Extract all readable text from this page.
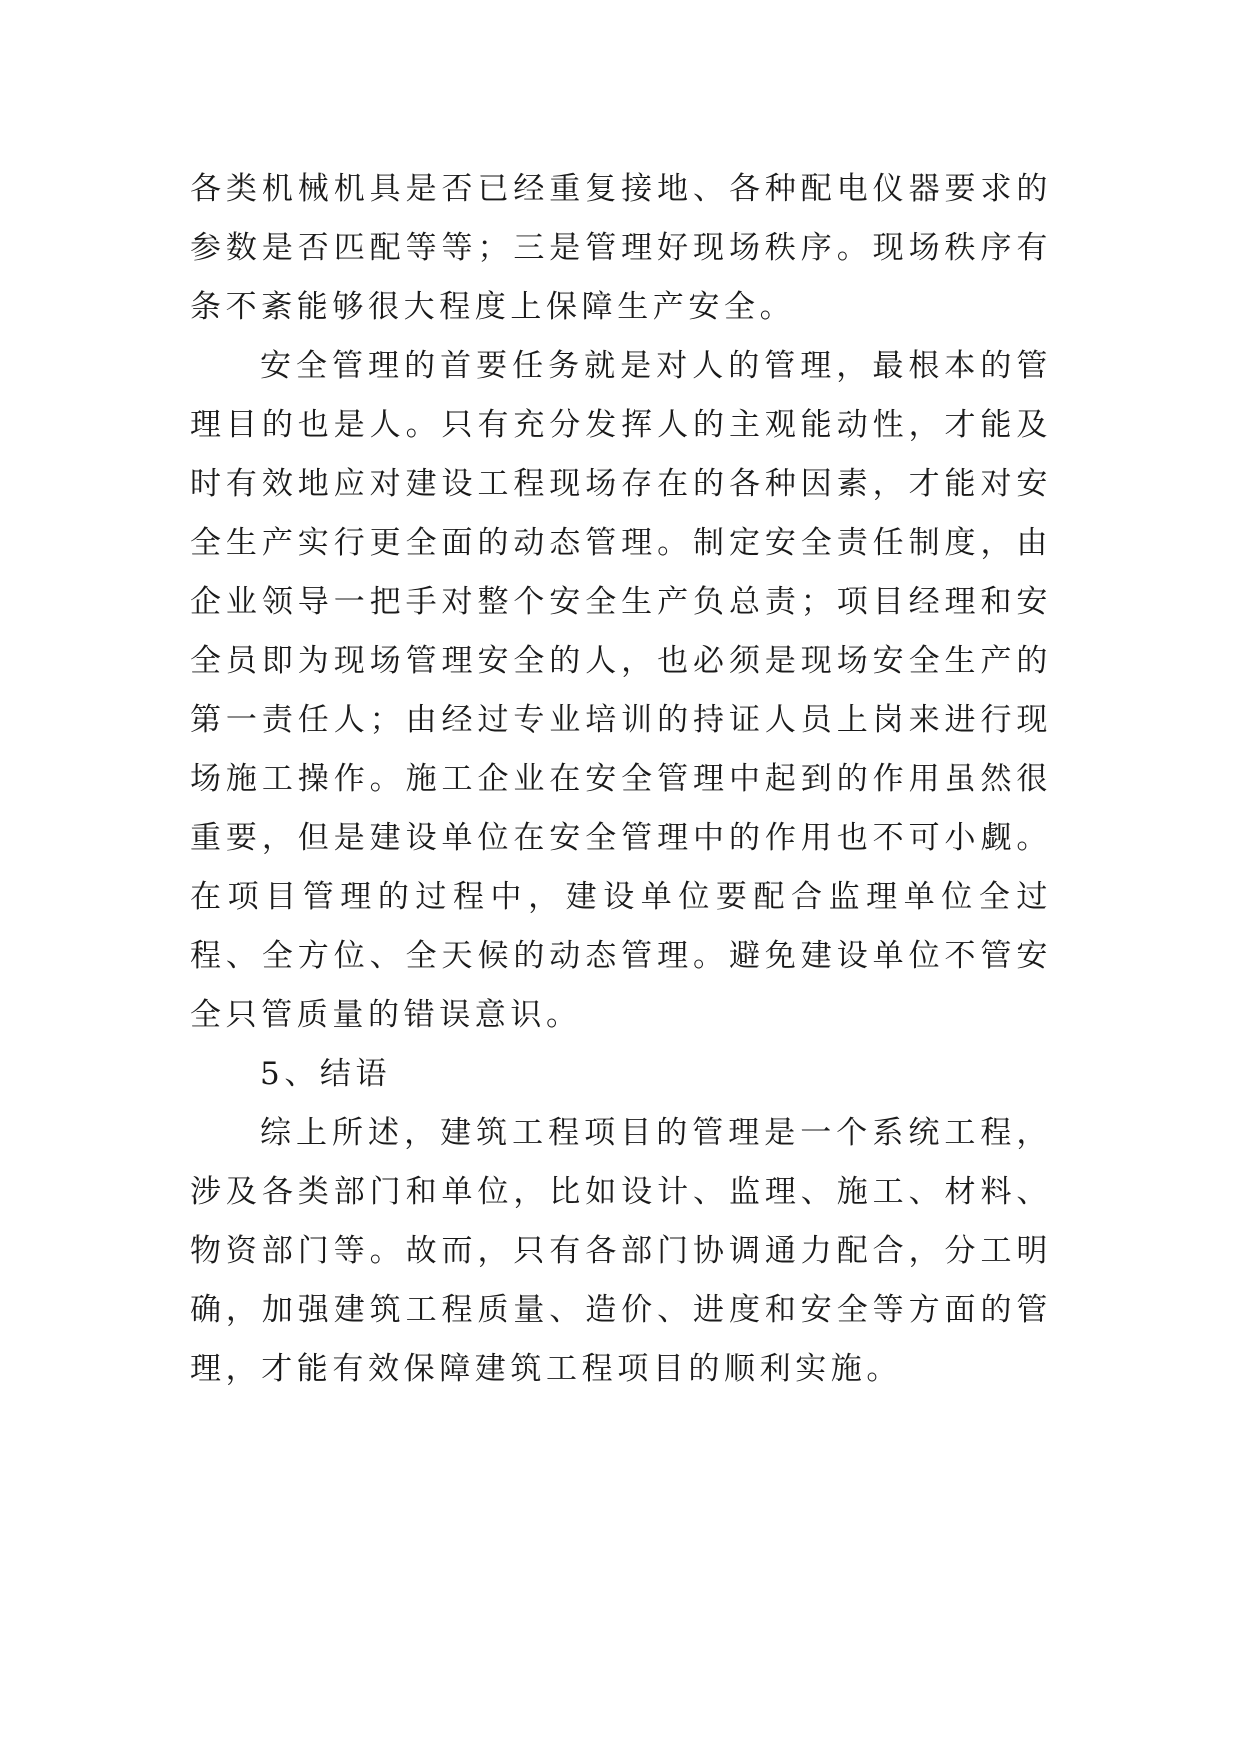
各类机械机具是否已经重复接地、各种配电仪器要求的参数是否匹配等等；三是管理好现场秩序。现场秩序有条不紊能够很大程度上保障生产安全。

安全管理的首要任务就是对人的管理，最根本的管理目的也是人。只有充分发挥人的主观能动性，才能及时有效地应对建设工程现场存在的各种因素，才能对安全生产实行更全面的动态管理。制定安全责任制度，由企业领导一把手对整个安全生产负总责；项目经理和安全员即为现场管理安全的人，也必须是现场安全生产的第一责任人；由经过专业培训的持证人员上岗来进行现场施工操作。施工企业在安全管理中起到的作用虽然很重要，但是建设单位在安全管理中的作用也不可小觑。在项目管理的过程中，建设单位要配合监理单位全过程、全方位、全天候的动态管理。避免建设单位不管安全只管质量的错误意识。

5、结语

综上所述，建筑工程项目的管理是一个系统工程，涉及各类部门和单位，比如设计、监理、施工、材料、物资部门等。故而，只有各部门协调通力配合，分工明确，加强建筑工程质量、造价、进度和安全等方面的管理，才能有效保障建筑工程项目的顺利实施。
